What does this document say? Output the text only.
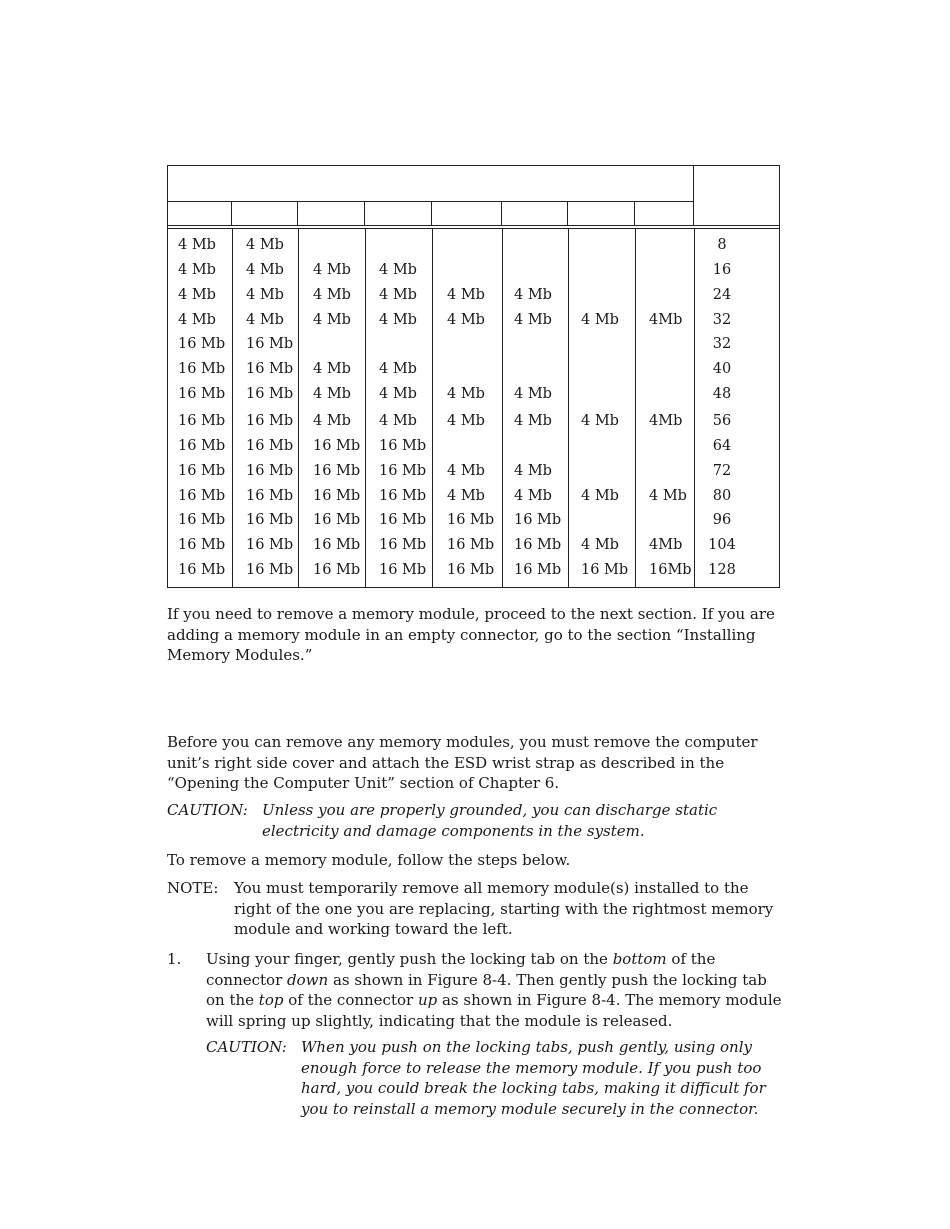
4 Mb 4 Mb	8
4 Mb 4 Mb 4 Mb 4 Mb	16
4 Mb 4 Mb 4 Mb 4 Mb 4 Mb 4 Mb	24
4 Mb 4 Mb 4 Mb 4 Mb 4 Mb 4 Mb 4 Mb 4Mb	32
16 Mb 16 Mb	32
16 Mb 16 Mb 4 Mb 4 Mb	40
16 Mb 16 Mb 4 Mb 4 Mb 4 Mb 4 Mb	48
16 Mb 16 Mb 4 Mb 4 Mb 4 Mb 4 Mb 4 Mb 4Mb	56
16 Mb 16 Mb 16 Mb 16 Mb	64
16 Mb 16 Mb 16 Mb 16 Mb 4 Mb 4 Mb	72
16 Mb 16 Mb 16 Mb 16 Mb 4 Mb 4 Mb 4 Mb 4 Mb	80
16 Mb 16 Mb 16 Mb 16 Mb 16 Mb 16 Mb	96
16 Mb 16 Mb 16 Mb 16 Mb 16 Mb 16 Mb 4 Mb 4Mb	104
16 Mb 16 Mb 16 Mb 16 Mb 16 Mb 16 Mb 16 Mb 16Mb	128
If you need to remove a memory module, proceed to the next section. If you are adding a memory module in an empty connector, go to the section “Installing Memory Modules.”
Before you can remove any memory modules, you must remove the computer unit’s right side cover and attach the ESD wrist strap as described in the “Opening the Computer Unit” section of Chapter 6.
CAUTION: Unless you are properly grounded, you can discharge static electricity and damage components in the system.
To remove a memory module, follow the steps below.
NOTE: You must temporarily remove all memory module(s) installed to the right of the one you are replacing, starting with the rightmost memory module and working toward the left.
1. Using your finger, gently push the locking tab on the bottom of the connector down as shown in Figure 8-4. Then gently push the locking tab on the top of the connector up as shown in Figure 8-4. The memory module will spring up slightly, indicating that the module is released.
CAUTION: When you push on the locking tabs, push gently, using only enough force to release the memory module. If you push too hard, you could break the locking tabs, making it difficult for you to reinstall a memory module securely in the connector.
